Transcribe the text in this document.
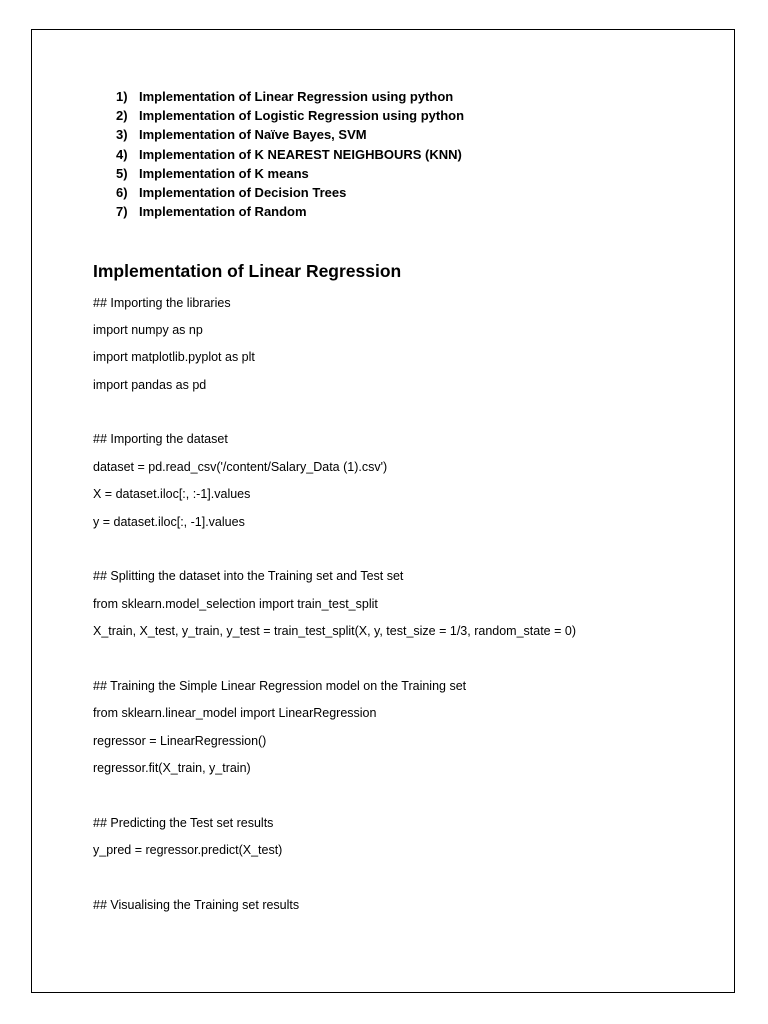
1) Implementation of Linear Regression using python
2) Implementation of Logistic Regression using python
3) Implementation of Naïve Bayes, SVM
4) Implementation of K NEAREST NEIGHBOURS (KNN)
5) Implementation of K means
6) Implementation of Decision Trees
7) Implementation of Random
Implementation of Linear Regression
## Importing the libraries
import numpy as np
import matplotlib.pyplot as plt
import pandas as pd
## Importing the dataset
dataset = pd.read_csv('/content/Salary_Data (1).csv')
X = dataset.iloc[:, :-1].values
y = dataset.iloc[:, -1].values
## Splitting the dataset into the Training set and Test set
from sklearn.model_selection import train_test_split
X_train, X_test, y_train, y_test = train_test_split(X, y, test_size = 1/3, random_state = 0)
## Training the Simple Linear Regression model on the Training set
from sklearn.linear_model import LinearRegression
regressor = LinearRegression()
regressor.fit(X_train, y_train)
## Predicting the Test set results
y_pred = regressor.predict(X_test)
## Visualising the Training set results
